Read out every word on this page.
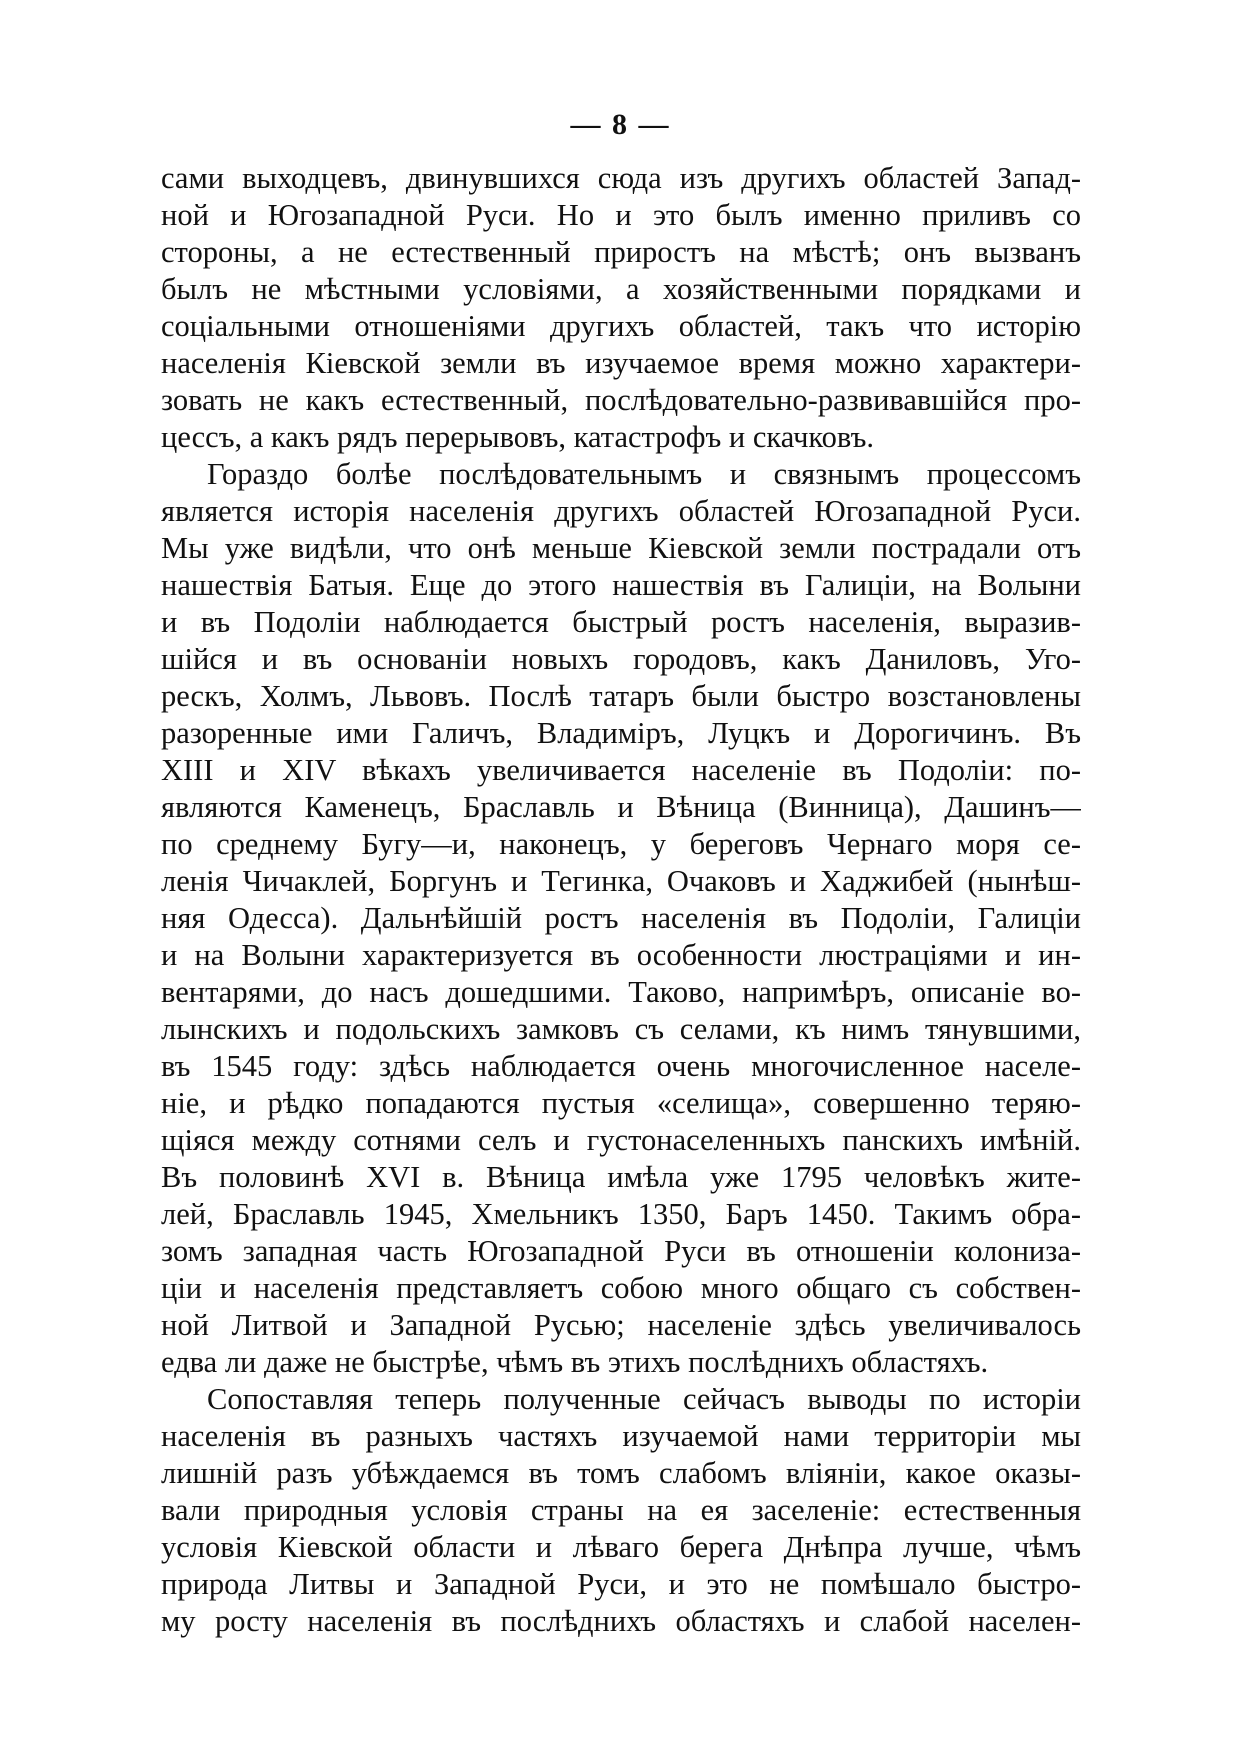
— 8 —
сами выходцевъ, двинувшихся сюда изъ другихъ областей Запад-
ной и Югозападной Руси. Но и это былъ именно приливъ со
стороны, а не естественный приростъ на мѣстѣ; онъ вызванъ
былъ не мѣстными условіями, а хозяйственными порядками и
соціальными отношеніями другихъ областей, такъ что исторію
населенія Кіевской земли въ изучаемое время можно характери-
зовать не какъ естественный, послѣдовательно-развивавшійся про-
цессъ, а какъ рядъ перерывовъ, катастрофъ и скачковъ.
Гораздо болѣе послѣдовательнымъ и связнымъ процессомъ
является исторія населенія другихъ областей Югозападной Руси.
Мы уже видѣли, что онѣ меньше Кіевской земли пострадали отъ
нашествія Батыя. Еще до этого нашествія въ Галиціи, на Волыни
и въ Подоліи наблюдается быстрый ростъ населенія, выразив-
шійся и въ основаніи новыхъ городовъ, какъ Даниловъ, Уго-
рескъ, Холмъ, Львовъ. Послѣ татаръ были быстро возстановлены
разоренные ими Галичъ, Владиміръ, Луцкъ и Дорогичинъ. Въ
XIII и XIV вѣкахъ увеличивается населеніе въ Подоліи: по-
являются Каменецъ, Браславль и Вѣница (Винница), Дашинъ—
по среднему Бугу—и, наконецъ, у береговъ Чернаго моря се-
ленія Чичаклей, Боргунъ и Тегинка, Очаковъ и Хаджибей (нынѣш-
няя Одесса). Дальнѣйшій ростъ населенія въ Подоліи, Галиціи
и на Волыни характеризуется въ особенности люстраціями и ин-
вентарями, до насъ дошедшими. Таково, напримѣръ, описаніе во-
лынскихъ и подольскихъ замковъ съ селами, къ нимъ тянувшими,
въ 1545 году: здѣсь наблюдается очень многочисленное населе-
ніе, и рѣдко попадаются пустыя «селища», совершенно теряю-
щіяся между сотнями селъ и густонаселенныхъ панскихъ имѣній.
Въ половинѣ XVI в. Вѣница имѣла уже 1795 человѣкъ жите-
лей, Браславль 1945, Хмельникъ 1350, Баръ 1450. Такимъ обра-
зомъ западная часть Югозападной Руси въ отношеніи колониза-
ціи и населенія представляетъ собою много общаго съ собствен-
ной Литвой и Западной Русью; населеніе здѣсь увеличивалось
едва ли даже не быстрѣе, чѣмъ въ этихъ послѣднихъ областяхъ.
Сопоставляя теперь полученные сейчасъ выводы по исторіи
населенія въ разныхъ частяхъ изучаемой нами территоріи мы
лишній разъ убѣждаемся въ томъ слабомъ вліяніи, какое оказы-
вали природныя условія страны на ея заселеніе: естественныя
условія Кіевской области и лѣваго берега Днѣпра лучше, чѣмъ
природа Литвы и Западной Руси, и это не помѣшало быстро-
му росту населенія въ послѣднихъ областяхъ и слабой населен-
